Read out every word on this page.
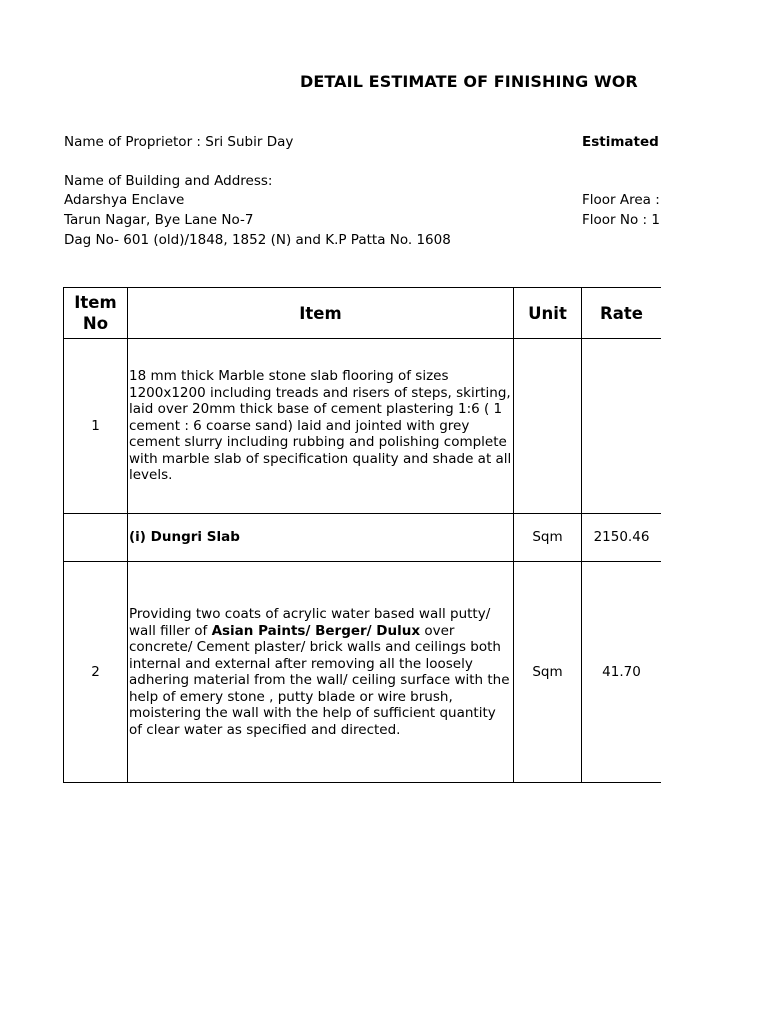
DETAIL ESTIMATE OF FINISHING WOR
Name of Proprietor : Sri Subir Day	Estimated
Name of Building and Address:
Adarshya Enclave
Tarun Nagar, Bye Lane No-7
Dag No- 601 (old)/1848, 1852 (N) and K.P Patta No. 1608
Floor Area :
Floor No : 1
Item No	Item	Unit	Rate
1	18 mm thick Marble stone slab flooring of sizes 1200x1200 including treads and risers of steps, skirting, laid over 20mm thick base of cement plastering 1:6 ( 1 cement : 6 coarse sand) laid and jointed with grey cement slurry including rubbing and polishing complete with marble slab of specification quality and shade at all levels.		

	(i) Dungri Slab	Sqm	2150.46
2	Providing two coats of acrylic water based wall putty/ wall filler of Asian Paints/ Berger/ Dulux over concrete/ Cement plaster/ brick walls and ceilings both internal and external after removing all the loosely adhering material from the wall/ ceiling surface with the help of emery stone , putty blade or wire brush, moistering the wall with the help of sufficient quantity of clear water as specified and directed.	Sqm	41.70
